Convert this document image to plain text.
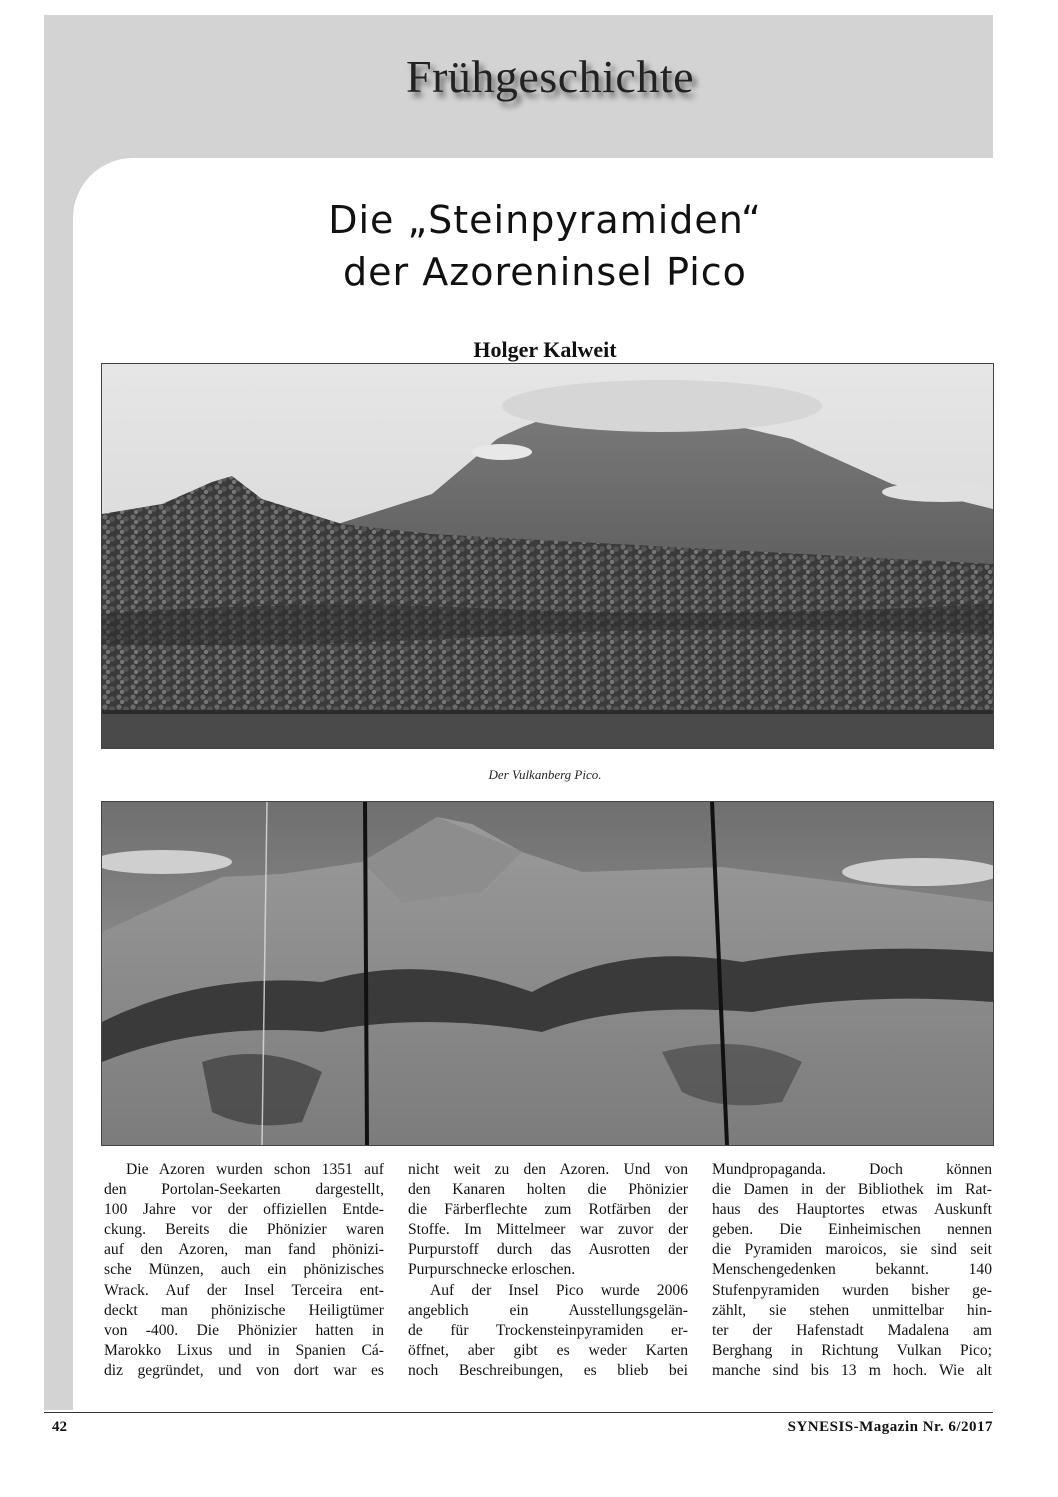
Frühgeschichte
Die „Steinpyramiden“
der Azoreninsel Pico
Holger Kalweit
Der Vulkanberg Pico.
Die Azoren wurden schon 1351 auf
den Portolan-Seekarten dargestellt,
100 Jahre vor der offiziellen Entde-
ckung. Bereits die Phönizier waren
auf den Azoren, man fand phönizi-
sche Münzen, auch ein phönizisches
Wrack. Auf der Insel Terceira ent-
deckt man phönizische Heiligtümer
von -400. Die Phönizier hatten in
Marokko Lixus und in Spanien Cá-
diz gegründet, und von dort war es
nicht weit zu den Azoren. Und von
den Kanaren holten die Phönizier
die Färberflechte zum Rotfärben der
Stoffe. Im Mittelmeer war zuvor der
Purpurstoff durch das Ausrotten der
Purpurschnecke erloschen.
Auf der Insel Pico wurde 2006
angeblich ein Ausstellungsgelän-
de für Trockensteinpyramiden er-
öffnet, aber gibt es weder Karten
noch Beschreibungen, es blieb bei
Mundpropaganda. Doch können
die Damen in der Bibliothek im Rat-
haus des Hauptortes etwas Auskunft
geben. Die Einheimischen nennen
die Pyramiden maroicos, sie sind seit
Menschengedenken bekannt. 140
Stufenpyramiden wurden bisher ge-
zählt, sie stehen unmittelbar hin-
ter der Hafenstadt Madalena am
Berghang in Richtung Vulkan Pico;
manche sind bis 13 m hoch. Wie alt
42	SYNESIS-Magazin Nr. 6/2017
